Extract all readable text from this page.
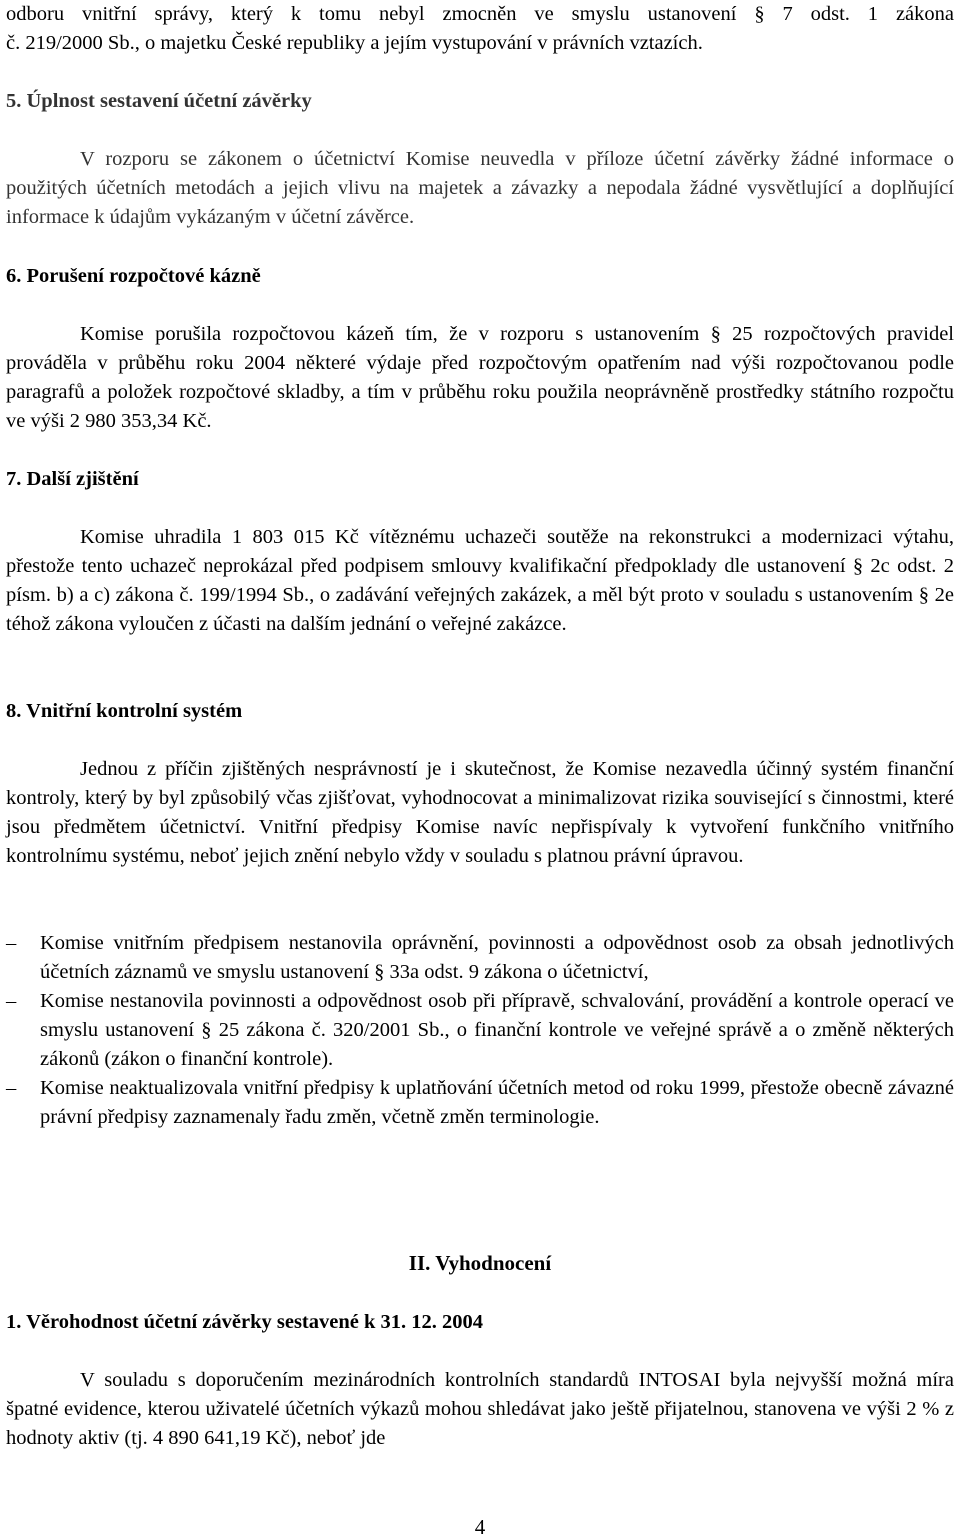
odboru vnitřní správy, který k tomu nebyl zmocněn ve smyslu ustanovení § 7 odst. 1 zákona
č. 219/2000 Sb., o majetku České republiky a jejím vystupování v právních vztazích.
5. Úplnost sestavení účetní závěrky
V rozporu se zákonem o účetnictví Komise neuvedla v příloze účetní závěrky žádné informace o použitých účetních metodách a jejich vlivu na majetek a závazky a nepodala žádné vysvětlující a doplňující informace k údajům vykázaným v účetní závěrce.
6. Porušení rozpočtové kázně
Komise porušila rozpočtovou kázeň tím, že v rozporu s ustanovením § 25 rozpočtových pravidel prováděla v průběhu roku 2004 některé výdaje před rozpočtovým opatřením nad výši rozpočtovanou podle paragrafů a položek rozpočtové skladby, a tím v průběhu roku použila neoprávněně prostředky státního rozpočtu ve výši 2 980 353,34 Kč.
7. Další zjištění
Komise uhradila 1 803 015 Kč vítěznému uchazeči soutěže na rekonstrukci a modernizaci výtahu, přestože tento uchazeč neprokázal před podpisem smlouvy kvalifikační předpoklady dle ustanovení § 2c odst. 2 písm. b) a c) zákona č. 199/1994 Sb., o zadávání veřejných zakázek, a měl být proto v souladu s ustanovením § 2e téhož zákona vyloučen z účasti na dalším jednání o veřejné zakázce.
8. Vnitřní kontrolní systém
Jednou z příčin zjištěných nesprávností je i skutečnost, že Komise nezavedla účinný systém finanční kontroly, který by byl způsobilý včas zjišťovat, vyhodnocovat a minimalizovat rizika související s činnostmi, které jsou předmětem účetnictví. Vnitřní předpisy Komise navíc nepřispívaly k vytvoření funkčního vnitřního kontrolnímu systému, neboť jejich znění nebylo vždy v souladu s platnou právní úpravou.
–	Komise vnitřním předpisem nestanovila oprávnění, povinnosti a odpovědnost osob za obsah jednotlivých účetních záznamů ve smyslu ustanovení § 33a odst. 9 zákona o účetnictví,
–	Komise nestanovila povinnosti a odpovědnost osob při přípravě, schvalování, provádění a kontrole operací ve smyslu ustanovení § 25 zákona č. 320/2001 Sb., o finanční kontrole ve veřejné správě a o změně některých zákonů (zákon o finanční kontrole).
–	Komise neaktualizovala vnitřní předpisy k uplatňování účetních metod od roku 1999, přestože obecně závazné právní předpisy zaznamenaly řadu změn, včetně změn terminologie.
II. Vyhodnocení
1. Věrohodnost účetní závěrky sestavené k 31. 12. 2004
V souladu s doporučením mezinárodních kontrolních standardů INTOSAI byla nejvyšší možná míra špatné evidence, kterou uživatelé účetních výkazů mohou shledávat jako ještě přijatelnou, stanovena ve výši 2 % z hodnoty aktiv (tj. 4 890 641,19 Kč), neboť jde
4
